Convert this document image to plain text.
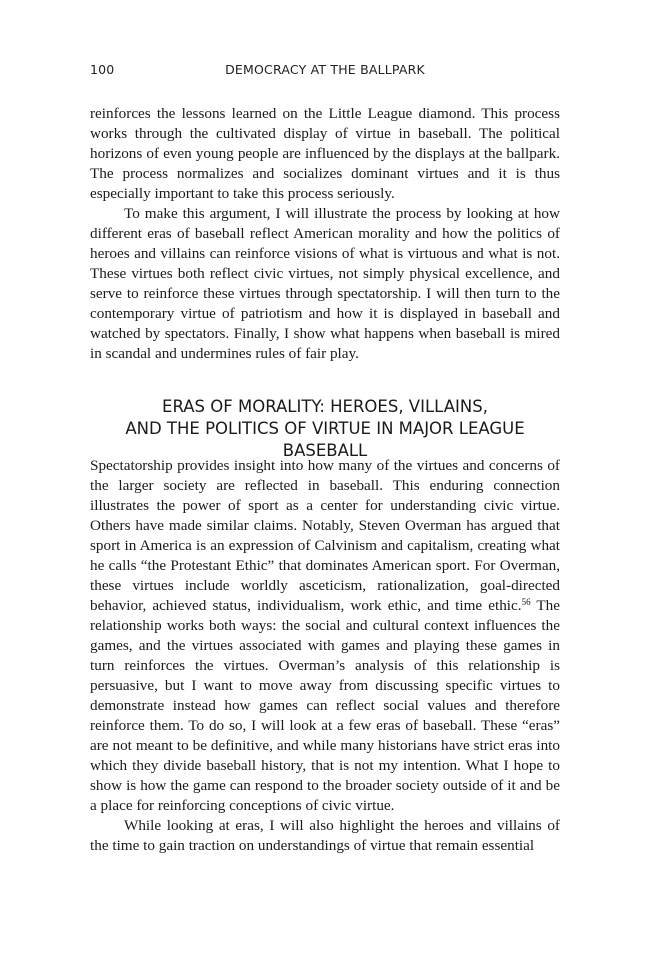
100	DEMOCRACY AT THE BALLPARK

reinforces the lessons learned on the Little League diamond. This process works through the cultivated display of virtue in baseball. The political horizons of even young people are influenced by the displays at the ballpark. The process normalizes and socializes dominant virtues and it is thus especially important to take this process seriously.

To make this argument, I will illustrate the process by looking at how different eras of baseball reflect American morality and how the politics of heroes and villains can reinforce visions of what is virtuous and what is not. These virtues both reflect civic virtues, not simply physical excellence, and serve to reinforce these virtues through spectatorship. I will then turn to the contemporary virtue of patriotism and how it is displayed in baseball and watched by spectators. Finally, I show what happens when baseball is mired in scandal and undermines rules of fair play.

ERAS OF MORALITY: HEROES, VILLAINS,
AND THE POLITICS OF VIRTUE IN MAJOR LEAGUE BASEBALL

Spectatorship provides insight into how many of the virtues and concerns of the larger society are reflected in baseball. This enduring connection illustrates the power of sport as a center for understanding civic virtue. Others have made similar claims. Notably, Steven Overman has argued that sport in America is an expression of Calvinism and capitalism, creating what he calls “the Protestant Ethic” that dominates American sport. For Overman, these virtues include worldly asceticism, rationalization, goal-directed behavior, achieved status, individualism, work ethic, and time ethic.$^{56}$ The relationship works both ways: the social and cultural context influences the games, and the virtues associated with games and playing these games in turn reinforces the virtues. Overman’s analysis of this relationship is persuasive, but I want to move away from discussing specific virtues to demonstrate instead how games can reflect social values and therefore reinforce them. To do so, I will look at a few eras of baseball. These “eras” are not meant to be definitive, and while many historians have strict eras into which they divide baseball history, that is not my intention. What I hope to show is how the game can respond to the broader society outside of it and be a place for reinforcing conceptions of civic virtue.

While looking at eras, I will also highlight the heroes and villains of the time to gain traction on understandings of virtue that remain essential
